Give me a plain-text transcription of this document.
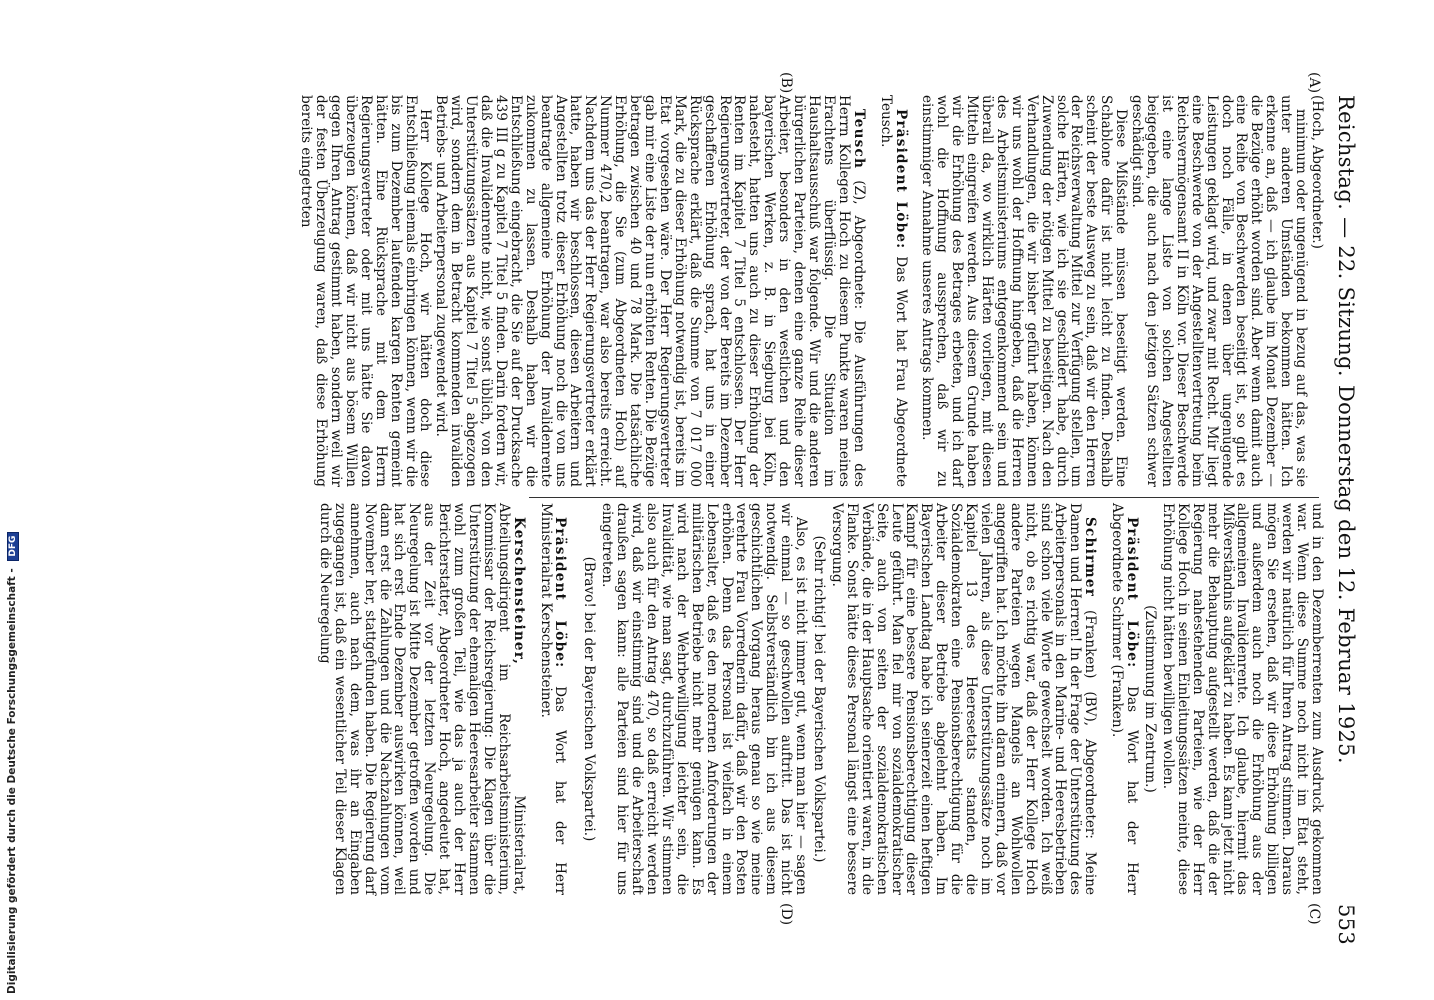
Reichstag. — 22. Sitzung.
Donnerstag den 12. Februar 1925.
553
(A)
(B)
(C)
(D)

(Hoch, Abgeordneter.)

minimum oder ungenügend in bezug auf das, was sie unter anderen Umständen bekommen hätten. Ich erkenne an, daß — ich glaube im Monat Dezember — die Bezüge erhöht worden sind. Aber wenn damit auch eine Reihe von Beschwerden beseitigt ist, so gibt es doch noch Fälle, in denen über ungenügende Leistungen geklagt wird, und zwar mit Recht. Mir liegt eine Beschwerde von der Angestelltenvertretung beim Reichsvermögensamt II in Köln vor. Dieser Beschwerde ist eine lange Liste von solchen Angestellten beigegeben, die auch nach den jetzigen Sätzen schwer geschädigt sind.

Diese Mißstände müssen beseitigt werden. Eine Schablone dafür ist nicht leicht zu finden. Deshalb scheint der beste Ausweg zu sein, daß wir den Herren der Reichsverwaltung Mittel zur Verfügung stellen, um solche Härten, wie ich sie geschildert habe, durch Zuwendung der nötigen Mittel zu beseitigen. Nach den Verhandlungen, die wir bisher geführt haben, können wir uns wohl der Hoffnung hingeben, daß die Herren des Arbeitsministeriums entgegenkommend sein und überall da, wo wirklich Härten vorliegen, mit diesen Mitteln eingreifen werden. Aus diesem Grunde haben wir die Erhöhung des Betrages erbeten, und ich darf wohl die Hoffnung aussprechen, daß wir zu einstimmiger Annahme unseres Antrags kommen.

Präsident Löbe: Das Wort hat Frau Abgeordnete Teusch.

Teusch (Z), Abgeordnete: Die Ausführungen des Herrn Kollegen Hoch zu diesem Punkte waren meines Erachtens überflüssig. Die Situation im Haushaltsausschuß war folgende. Wir und die anderen bürgerlichen Parteien, denen eine ganze Reihe dieser Arbeiter, besonders in den westlichen und den bayerischen Werken, z. B. in Siegburg bei Köln, nahesteht, hatten uns auch zu dieser Erhöhung der Renten im Kapitel 7 Titel 5 entschlossen. Der Herr Regierungsvertreter, der von der Bereits im Dezember geschaffenen Erhöhung sprach, hat uns in einer Rücksprache erklärt, daß die Summe von 7 017 000 Mark, die zu dieser Erhöhung notwendig ist, bereits im Etat vorgesehen wäre. Der Herr Regierungsvertreter gab mir eine Liste der nun erhöhten Renten. Die Bezüge betragen zwischen 40 und 78 Mark. Die tatsächliche Erhöhung, die Sie (zum Abgeordneten Hoch) auf Nummer 470,2 beantragen, war also bereits erreicht. Nachdem uns das der Herr Regierungsvertreter erklärt hatte, haben wir beschlossen, diesen Arbeitern und Angestellten trotz dieser Erhöhung noch die von uns beantragte allgemeine Erhöhung der Invalidenrente zukommen zu lassen. Deshalb haben wir die Entschließung eingebracht, die Sie auf der Drucksache 439 III g zu Kapitel 7 Titel 5 finden. Darin fordern wir, daß die Invalidenrente nicht, wie sonst üblich, von den Unterstützungssätzen aus Kapitel 7 Titel 5 abgezogen wird, sondern dem in Betracht kommenden invaliden Betriebs- und Arbeiterpersonal zugewendet wird.

Herr Kollege Hoch, wir hätten doch diese Entschließung niemals einbringen können, wenn wir die bis zum Dezember laufenden kargen Renten gemeint hätten. Eine Rücksprache mit dem Herrn Regierungsvertreter oder mit uns hätte Sie davon überzeugen können, daß wir nicht aus bösem Willen gegen Ihren Antrag gestimmt haben, sondern weil wir der festen Überzeugung waren, daß diese Erhöhung bereits eingetreten

und in den Dezemberrenten zum Ausdruck gekommen war. Wenn diese Summe noch nicht im Etat steht, werden wir natürlich für Ihren Antrag stimmen. Daraus mögen Sie ersehen, daß wir diese Erhöhung billigen und außerdem auch noch die Erhöhung aus der allgemeinen Invalidenrente. Ich glaube, hiermit das Mißverständnis aufgeklärt zu haben. Es kann jetzt nicht mehr die Behauptung aufgestellt werden, daß die der Regierung nahestehenden Parteien, wie der Herr Kollege Hoch in seinen Einleitungssätzen meinte, diese Erhöhung nicht hätten bewilligen wollen.

(Zustimmung im Zentrum.)

Präsident Löbe: Das Wort hat der Herr Abgeordnete Schirmer (Franken).

Schirmer (Franken) (BV), Abgeordneter: Meine Damen und Herren! In der Frage der Unterstützung des Arbeiterpersonals in den Marine- und Heeresbetrieben sind schon viele Worte gewechselt worden. Ich weiß nicht, ob es richtig war, daß der Herr Kollege Hoch andere Parteien wegen Mangels an Wohlwollen angegriffen hat. Ich möchte ihn daran erinnern, daß vor vielen Jahren, als diese Unterstützungssätze noch im Kapitel 13 des Heeresetats standen, die Sozialdemokraten eine Pensionsberechtigung für die Arbeiter dieser Betriebe abgelehnt haben. Im Bayerischen Landtag habe ich seinerzeit einen heftigen Kampf für eine bessere Pensionsberechtigung dieser Leute geführt. Man fiel mir von sozialdemokratischer Seite, auch von seiten der sozialdemokratischen Verbände, die in der Hauptsache orientiert waren, in die Flanke. Sonst hätte dieses Personal längst eine bessere Versorgung.

(Sehr richtig! bei der Bayerischen Volkspartei.)

Also, es ist nicht immer gut, wenn man hier — sagen wir einmal — so geschwollen auftritt. Das ist nicht notwendig. Selbstverständlich bin ich aus diesem geschichtlichen Vorgang heraus genau so wie meine verehrte Frau Vorrednerin dafür, daß wir den Posten erhöhen. Denn das Personal ist vielfach in einem Lebensalter, daß es den modernen Anforderungen der militärischen Betriebe nicht mehr genügen kann. Es wird nach der Wehrbewilligung leichter sein, die Invalidität, wie man sagt, durchzuführen. Wir stimmen also auch für den Antrag 470, so daß erreicht werden wird, daß wir einstimmig sind und die Arbeiterschaft draußen sagen kann: alle Parteien sind hier für uns eingetreten.

(Bravo! bei der Bayerischen Volkspartei.)

Präsident Löbe: Das Wort hat der Herr Ministerialrat Kerschensteiner.

Kerschensteiner, Ministerialrat, Abteilungsdirigent im Reichsarbeitsministerium, Kommissar der Reichsregierung: Die Klagen über die Unterstützung der ehemaligen Heeresarbeiter stammen wohl zum großen Teil, wie das ja auch der Herr Berichterstatter, Abgeordneter Hoch, angedeutet hat, aus der Zeit vor der letzten Neuregelung. Die Neuregelung ist Mitte Dezember getroffen worden und hat sich erst Ende Dezember auswirken können, weil dann erst die Zahlungen und die Nachzahlungen vom November her, stattgefunden haben. Die Regierung darf annehmen, auch nach dem, was ihr an Eingaben zugegangen ist, daß ein wesentlicher Teil dieser Klagen durch die Neuregelung

Digitalisierung gefördert durch die Deutsche Forschungsgemeinschaft - DFG
